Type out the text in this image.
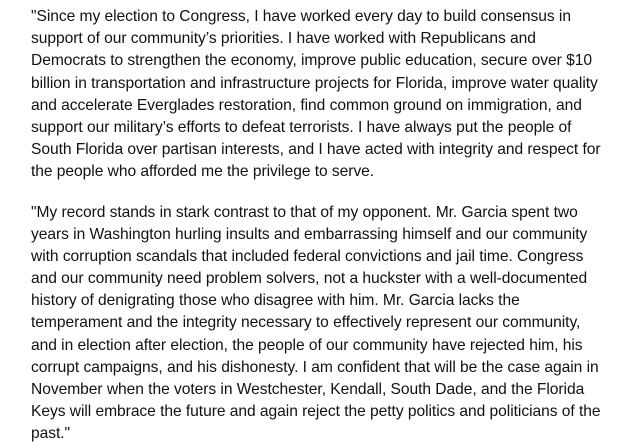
"Since my election to Congress, I have worked every day to build consensus in
support of our community’s priorities. I have worked with Republicans and
Democrats to strengthen the economy, improve public education, secure over $10
billion in transportation and infrastructure projects for Florida, improve water quality
and accelerate Everglades restoration, find common ground on immigration, and
support our military’s efforts to defeat terrorists. I have always put the people of
South Florida over partisan interests, and I have acted with integrity and respect for
the people who afforded me the privilege to serve.
"My record stands in stark contrast to that of my opponent. Mr. Garcia spent two
years in Washington hurling insults and embarrassing himself and our community
with corruption scandals that included federal convictions and jail time. Congress
and our community need problem solvers, not a huckster with a well-documented
history of denigrating those who disagree with him. Mr. Garcia lacks the
temperament and the integrity necessary to effectively represent our community,
and in election after election, the people of our community have rejected him, his
corrupt campaigns, and his dishonesty. I am confident that will be the case again in
November when the voters in Westchester, Kendall, South Dade, and the Florida
Keys will embrace the future and again reject the petty politics and politicians of the
past."
